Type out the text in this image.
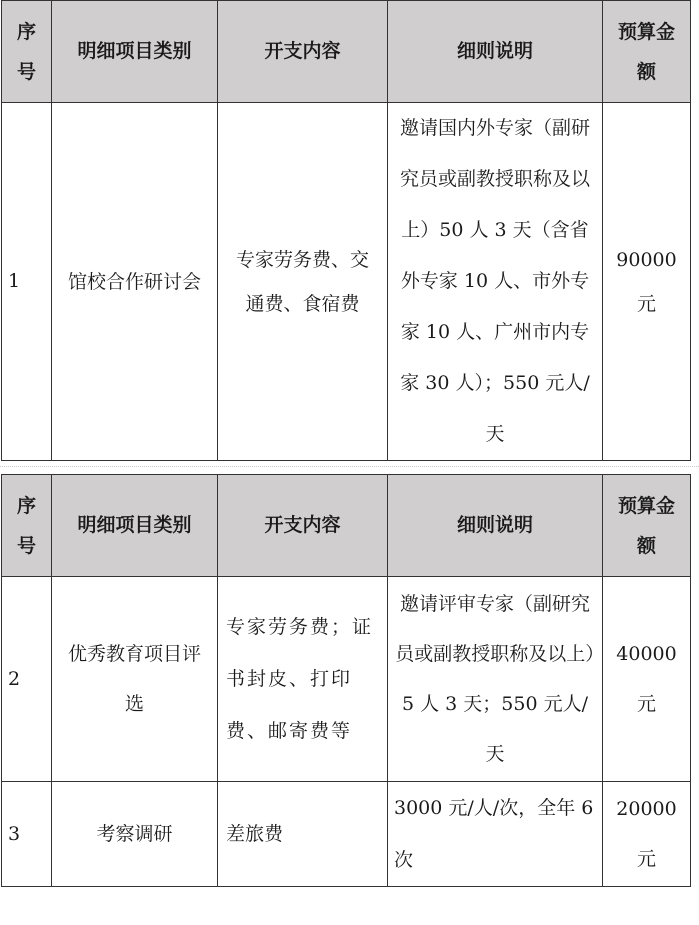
序号	明细项目类别	开支内容	细则说明	预算金额
1	馆校合作研讨会	专家劳务费、交通费、食宿费	邀请国内外专家（副研究员或副教授职称及以上）50 人 3 天（含省外专家 10 人、市外专家 10 人、广州市内专家 30 人）；550 元人/天	90000 元
序号	明细项目类别	开支内容	细则说明	预算金额
2	优秀教育项目评选	专家劳务费；证书封皮、打印费、邮寄费等	邀请评审专家（副研究员或副教授职称及以上）5 人 3 天；550 元人/天	40000 元
3	考察调研	差旅费	3000 元/人/次，全年 6 次	20000 元
